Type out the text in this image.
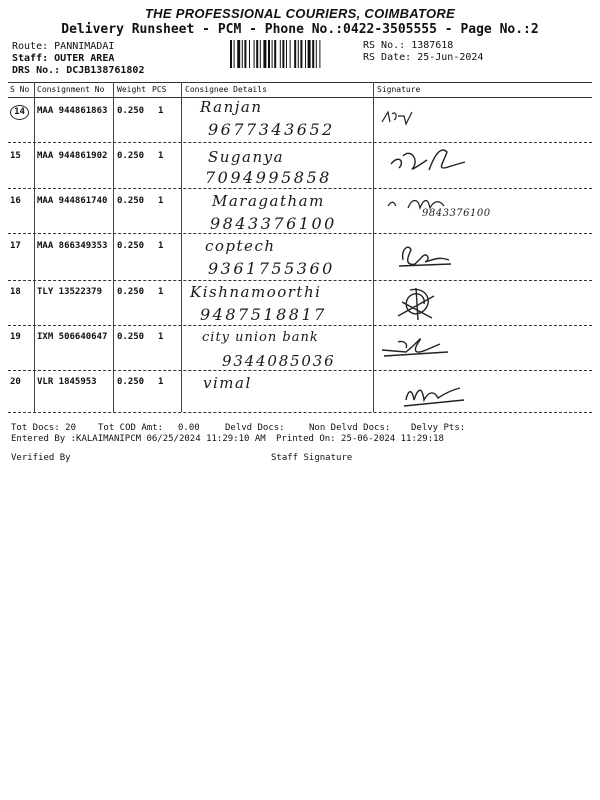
THE PROFESSIONAL COURIERS, COIMBATORE
Delivery Runsheet - PCM - Phone No.:0422-3505555 - Page No.:2
Route: PANNIMADAI
Staff: OUTER AREA
DRS No.: DCJB138761802
RS No.: 1387618
RS Date: 25-Jun-2024
S No Consignment No Weight PCS Consignee Details	Signature
14	MAA 944861863 0.250 1 Ranjan
9677343652
15 MAA 944861902 0.250 1	Suganya
7094995858
16 MAA 944861740 0.250 1	Maragatham
9843376100
9843376100
17 MAA 866349353 0.250 1	coptech
9361755360
18 TLY 13522379 0.250 1 Kishnamoorthi
9487518817
19 IXM 506640647 0.250 1	city union bank
9344085036
20 VLR 1845953 0.250 1	vimal
Tot Docs: 20 Tot COD Amt: 0.00	Delvd Docs:	Non Delvd Docs: Delvy Pts:
Entered By :KALAIMANIPCM 06/25/2024 11:29:10 AM Printed On: 25-06-2024 11:29:18
Verified By	Staff Signature
